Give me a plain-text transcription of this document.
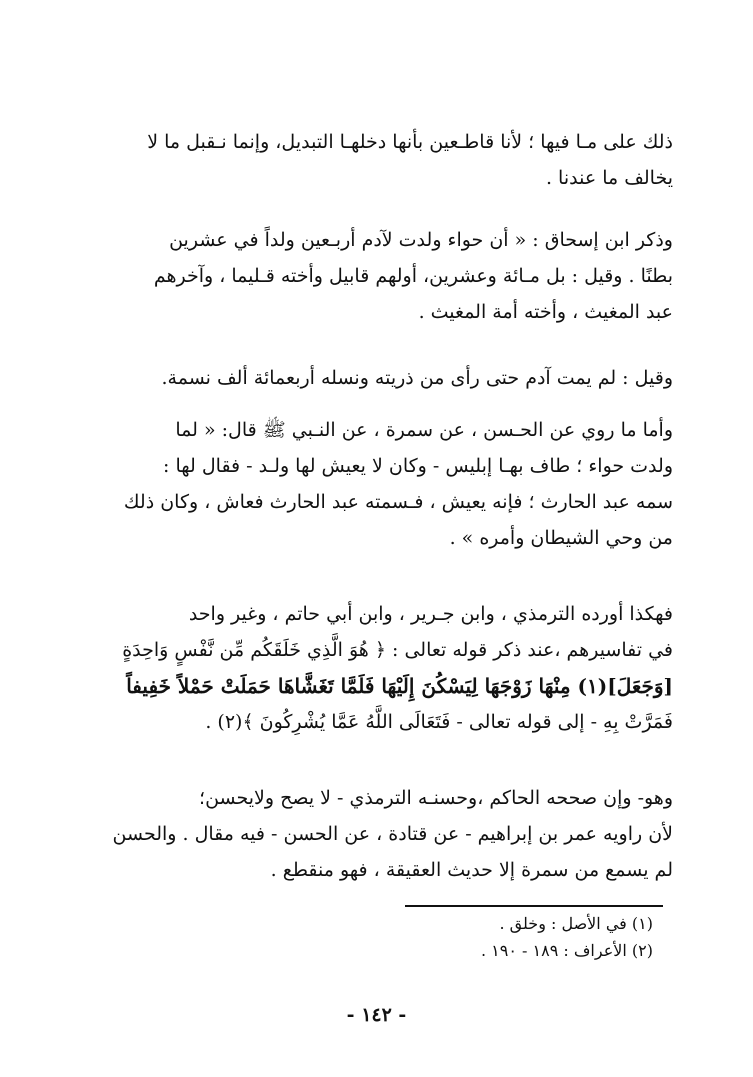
ذلك على مـا فيها ؛ لأنا قاطـعين بأنها دخلهـا التبديل، وإنما نـقبل ما لا
يخالف ما عندنا .
وذكر ابن إسحاق : « أن حواء ولدت لآدم أربـعين ولداً في عشرين
بطنًا . وقيل : بل مـائة وعشرين، أولهم قابيل وأخته قـليما ، وآخرهم
عبد المغيث ، وأخته أمة المغيث .
وقيل : لم يمت آدم حتى رأى من ذريته ونسله أربعمائة ألف نسمة.
وأما ما روي عن الحـسن ، عن سمرة ، عن النـبي ﷺ قال: « لما
ولدت حواء ؛ طاف بهـا إبليس - وكان لا يعيش لها ولـد - فقال لها :
سمه عبد الحارث ؛ فإنه يعيش ، فـسمته عبد الحارث فعاش ، وكان ذلك
من وحي الشيطان وأمره » .
فهكذا أورده الترمذي ، وابن جـرير ، وابن أبي حاتم ، وغير واحد
في تفاسيرهم ،عند ذكر قوله تعالى : ﴿ هُوَ الَّذِي خَلَقَكُم مِّن نَّفْسٍ وَاحِدَةٍ
[وَجَعَلَ](١) مِنْهَا زَوْجَهَا لِيَسْكُنَ إِلَيْهَا فَلَمَّا تَغَشَّاهَا حَمَلَتْ حَمْلاً خَفِيفاً
فَمَرَّتْ بِهِ - إلى قوله تعالى - فَتَعَالَى اللَّهُ عَمَّا يُشْرِكُونَ ﴾(٢) .
وهو- وإن صححه الحاكم ،وحسنـه الترمذي - لا يصح ولايحسن؛
لأن راويه عمر بن إبراهيم - عن قتادة ، عن الحسن - فيه مقال . والحسن
لم يسمع من سمرة إلا حديث العقيقة ، فهو منقطع .
(١) في الأصل : وخلق .
(٢) الأعراف : ١٨٩ - ١٩٠ .
- ١٤٢ -
